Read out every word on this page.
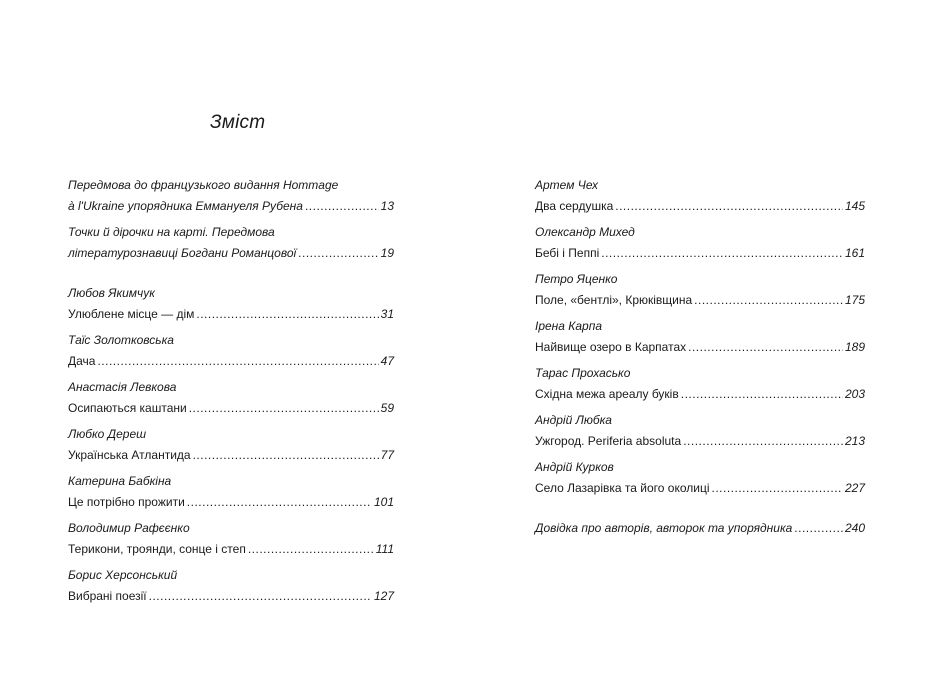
Зміст
Передмова до французького видання Hommage
à l'Ukraine упорядника Еммануеля Рубена .....	13
Точки й дірочки на карті. Передмова
літературознавиці Богдани Романцової .....	19
Любов Якимчук
Улюблене місце — дім .....	31
Таїс Золотковська
Дача .....	47
Анастасія Левкова
Осипаються каштани .....	59
Любко Дереш
Українська Атлантида .....	77
Катерина Бабкіна
Це потрібно прожити .....	101
Володимир Рафєєнко
Терикони, троянди, сонце і степ .....	111
Борис Херсонський
Вибрані поезії .....	127
Артем Чех
Два сердушка .....	145
Олександр Михед
Бебі і Пеппі .....	161
Петро Яценко
Поле, «бентлі», Крюківщина .....	175
Ірена Карпа
Найвище озеро в Карпатах .....	189
Тарас Прохасько
Східна межа ареалу буків .....	203
Андрій Любка
Ужгород. Periferia absoluta .....	213
Андрій Курков
Село Лазарівка та його околиці .....	227
Довідка про авторів, авторок та упорядника .....	240
